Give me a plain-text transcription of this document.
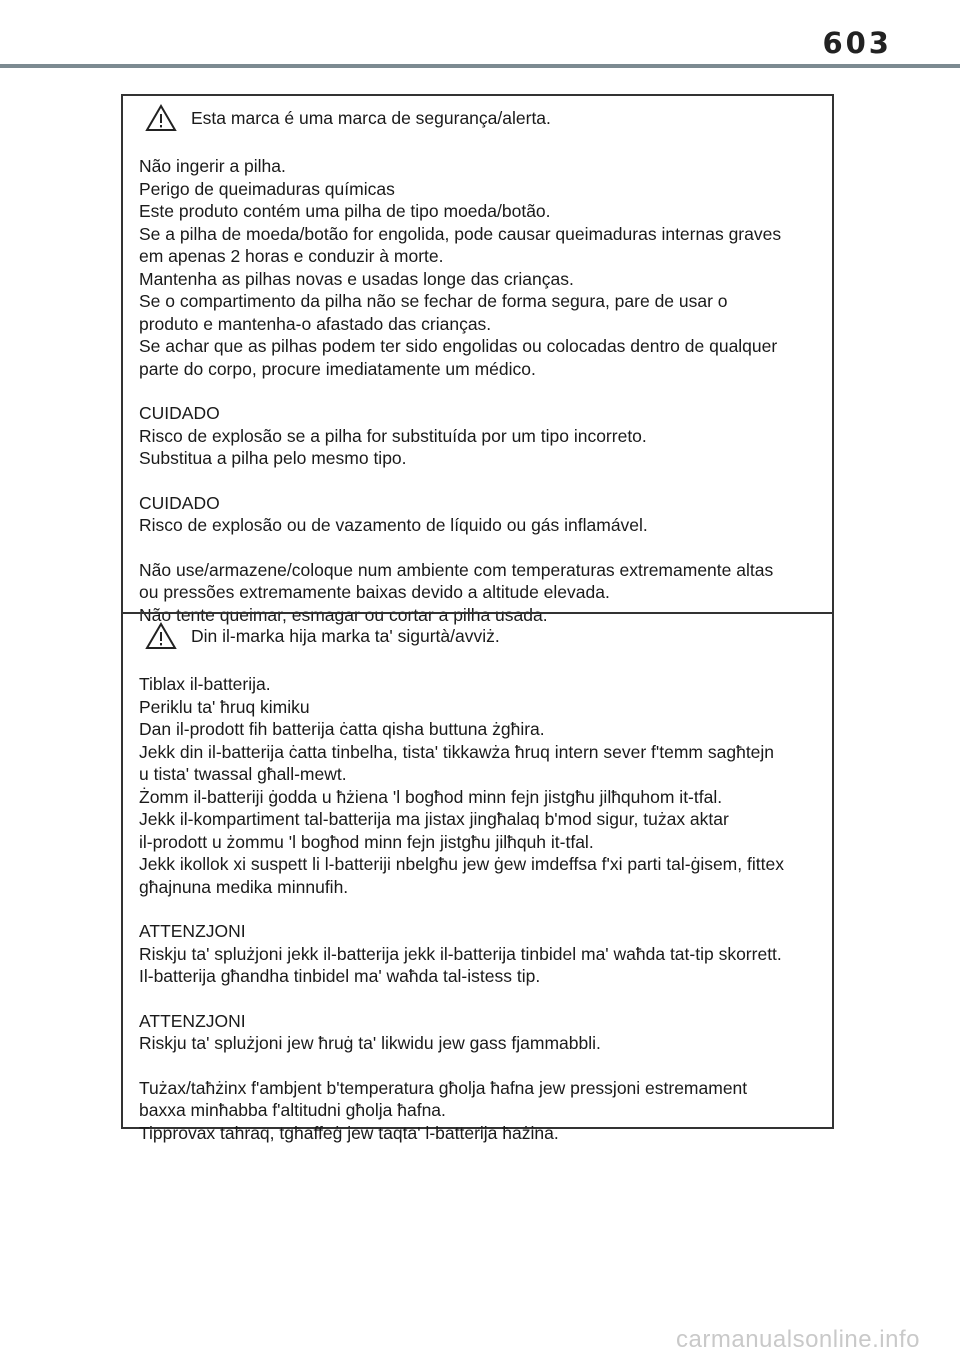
603
Esta marca é uma marca de segurança/alerta.

Não ingerir a pilha.
Perigo de queimaduras químicas
Este produto contém uma pilha de tipo moeda/botão.
Se a pilha de moeda/botão for engolida, pode causar queimaduras internas graves
em apenas 2 horas e conduzir à morte.
Mantenha as pilhas novas e usadas longe das crianças.
Se o compartimento da pilha não se fechar de forma segura, pare de usar o
produto e mantenha-o afastado das crianças.
Se achar que as pilhas podem ter sido engolidas ou colocadas dentro de qualquer
parte do corpo, procure imediatamente um médico.

CUIDADO
Risco de explosão se a pilha for substituída por um tipo incorreto.
Substitua a pilha pelo mesmo tipo.

CUIDADO
Risco de explosão ou de vazamento de líquido ou gás inflamável.

Não use/armazene/coloque num ambiente com temperaturas extremamente altas
ou pressões extremamente baixas devido a altitude elevada.
Não tente queimar, esmagar ou cortar a pilha usada.

Din il-marka hija marka ta' sigurtà/avviż.

Tiblax il-batterija.
Periklu ta' ħruq kimiku
Dan il-prodott fih batterija ċatta qisha buttuna żgħira.
Jekk din il-batterija ċatta tinbelha, tista' tikkawża ħruq intern sever f'temm sagħtejn
u tista' twassal għall-mewt.
Żomm il-batteriji ġodda u ħżiena 'l bogħod minn fejn jistgħu jilħquhom it-tfal.
Jekk il-kompartiment tal-batterija ma jistax jingħalaq b'mod sigur, tużax aktar
il-prodott u żommu 'l bogħod minn fejn jistgħu jilħquh it-tfal.
Jekk ikollok xi suspett li l-batteriji nbelgħu jew ġew imdeffsa f'xi parti tal-ġisem, fittex
għajnuna medika minnufih.

ATTENZJONI
Riskju ta' splużjoni jekk il-batterija jekk il-batterija tinbidel ma' waħda tat-tip skorrett.
Il-batterija għandha tinbidel ma' waħda tal-istess tip.

ATTENZJONI
Riskju ta' splużjoni jew ħruġ ta' likwidu jew gass fjammabbli.

Tużax/taħżinx f'ambjent b'temperatura għolja ħafna jew pressjoni estremament
baxxa minħabba f'altitudni għolja ħafna.
Tipprovax taħraq, tgħaffeġ jew taqta' l-batterija ħażina.

carmanualsonline.info
